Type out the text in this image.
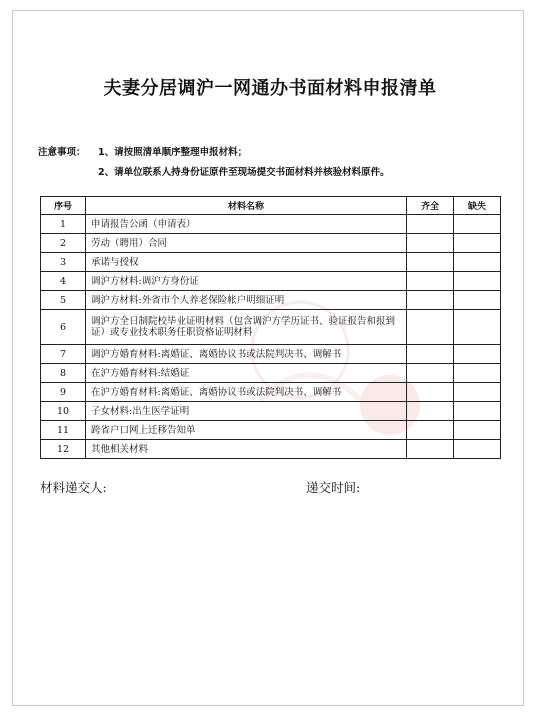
夫妻分居调沪一网通办书面材料申报清单
注意事项： 1、请按照清单顺序整理申报材料；
2、请单位联系人持身份证原件至现场提交书面材料并核验材料原件。
序号	材料名称	齐全	缺失
1	申请报告公函（申请表）		
2	劳动（聘用）合同		
3	承诺与授权		
4	调沪方材料:调沪方身份证		
5	调沪方材料:外省市个人养老保险帐户明细证明		
6	调沪方全日制院校毕业证明材料（包含调沪方学历证书、验证报告和报到证）或专业技术职务任职资格证明材料		
7	调沪方婚育材料:离婚证、离婚协议书或法院判决书、调解书		
8	在沪方婚育材料:结婚证		
9	在沪方婚育材料:离婚证、离婚协议书或法院判决书、调解书		
10	子女材料:出生医学证明		
11	跨省户口网上迁移告知单		
12	其他相关材料		
材料递交人:	递交时间:
